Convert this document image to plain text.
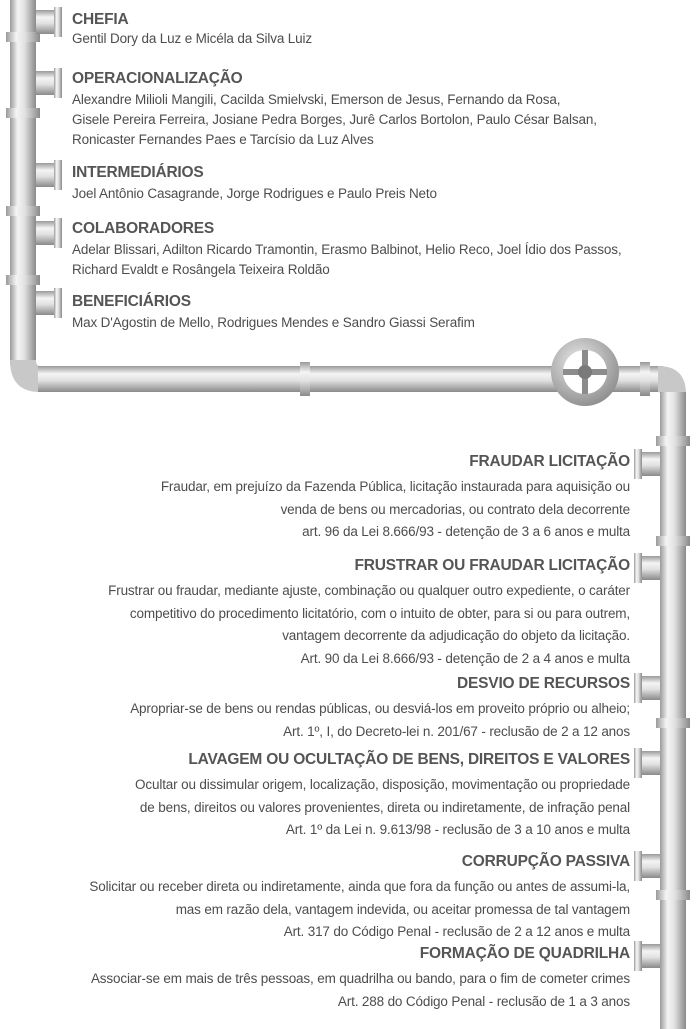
CHEFIA
Gentil Dory da Luz e Micéla da Silva Luiz
OPERACIONALIZAÇÃO
Alexandre Milioli Mangili, Cacilda Smielvski, Emerson de Jesus, Fernando da Rosa,
Gisele Pereira Ferreira, Josiane Pedra Borges, Jurê Carlos Bortolon, Paulo César Balsan,
Ronicaster Fernandes Paes e Tarcísio da Luz Alves
INTERMEDIÁRIOS
Joel Antônio Casagrande, Jorge Rodrigues e Paulo Preis Neto
COLABORADORES
Adelar Blissari, Adilton Ricardo Tramontin, Erasmo Balbinot, Helio Reco, Joel Ídio dos Passos,
Richard Evaldt e Rosângela Teixeira Roldão
BENEFICIÁRIOS
Max D'Agostin de Mello, Rodrigues Mendes e Sandro Giassi Serafim
FRAUDAR LICITAÇÃO
Fraudar, em prejuízo da Fazenda Pública, licitação instaurada para aquisição ou
venda de bens ou mercadorias, ou contrato dela decorrente
art. 96 da Lei 8.666/93 - detenção de 3 a 6 anos e multa
FRUSTRAR OU FRAUDAR LICITAÇÃO
Frustrar ou fraudar, mediante ajuste, combinação ou qualquer outro expediente, o caráter
competitivo do procedimento licitatório, com o intuito de obter, para si ou para outrem,
vantagem decorrente da adjudicação do objeto da licitação.
Art. 90 da Lei 8.666/93 - detenção de 2 a 4 anos e multa
DESVIO DE RECURSOS
Apropriar-se de bens ou rendas públicas, ou desviá-los em proveito próprio ou alheio;
Art. 1º, I, do Decreto-lei n. 201/67 - reclusão de 2 a 12 anos
LAVAGEM OU OCULTAÇÃO DE BENS, DIREITOS E VALORES
Ocultar ou dissimular origem, localização, disposição, movimentação ou propriedade
de bens, direitos ou valores provenientes, direta ou indiretamente, de infração penal
Art. 1º da Lei n. 9.613/98 - reclusão de 3 a 10 anos e multa
CORRUPÇÃO PASSIVA
Solicitar ou receber direta ou indiretamente, ainda que fora da função ou antes de assumi-la,
mas em razão dela, vantagem indevida, ou aceitar promessa de tal vantagem
Art. 317 do Código Penal - reclusão de 2 a 12 anos e multa
FORMAÇÃO DE QUADRILHA
Associar-se em mais de três pessoas, em quadrilha ou bando, para o fim de cometer crimes
Art. 288 do Código Penal - reclusão de 1 a 3 anos
